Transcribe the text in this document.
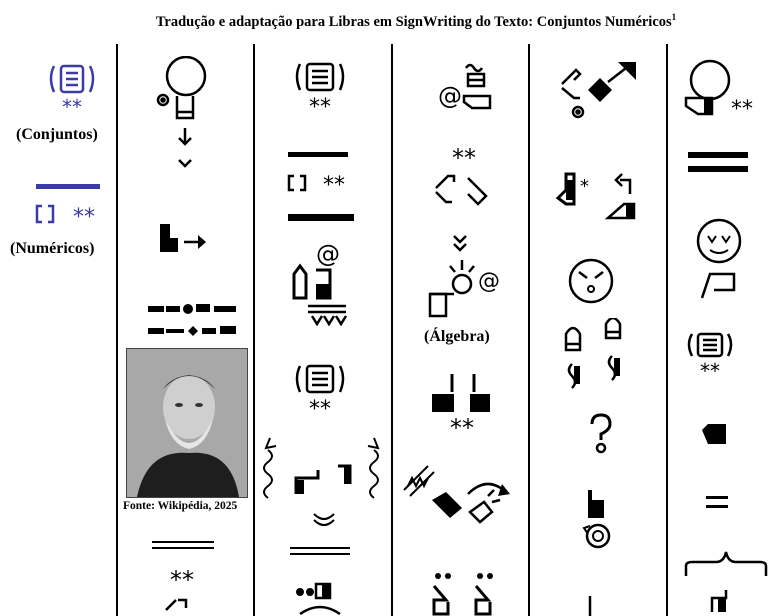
Tradução e adaptação para Libras em SignWriting do Texto: Conjuntos Numéricos$^1$
**
(Conjuntos)
**
(Numéricos)
Fonte: Wikipédia, 2025
**
**
**
@
**
@
**
@
(Álgebra)
**
*
**
**
